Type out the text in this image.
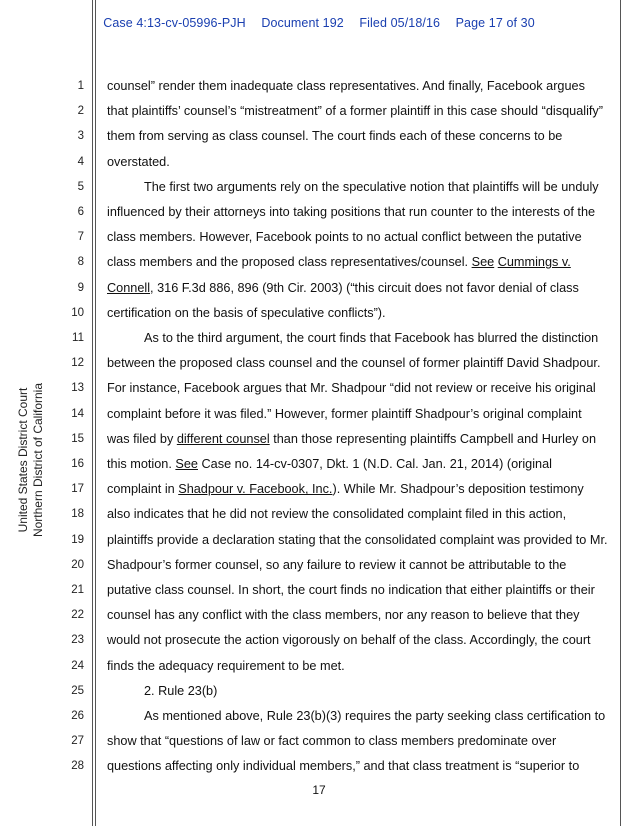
Case 4:13-cv-05996-PJH Document 192 Filed 05/18/16 Page 17 of 30
United States District Court Northern District of California
1
2
3
4
5
6
7
8
9
10
11
12
13
14
15
16
17
18
19
20
21
22
23
24
25
26
27
28
counsel” render them inadequate class representatives. And finally, Facebook argues
that plaintiffs’ counsel’s “mistreatment” of a former plaintiff in this case should “disqualify”
them from serving as class counsel. The court finds each of these concerns to be
overstated.
The first two arguments rely on the speculative notion that plaintiffs will be unduly
influenced by their attorneys into taking positions that run counter to the interests of the
class members. However, Facebook points to no actual conflict between the putative
class members and the proposed class representatives/counsel. See Cummings v.
Connell, 316 F.3d 886, 896 (9th Cir. 2003) (“this circuit does not favor denial of class
certification on the basis of speculative conflicts”).
As to the third argument, the court finds that Facebook has blurred the distinction
between the proposed class counsel and the counsel of former plaintiff David Shadpour.
For instance, Facebook argues that Mr. Shadpour “did not review or receive his original
complaint before it was filed.” However, former plaintiff Shadpour’s original complaint
was filed by different counsel than those representing plaintiffs Campbell and Hurley on
this motion. See Case no. 14-cv-0307, Dkt. 1 (N.D. Cal. Jan. 21, 2014) (original
complaint in Shadpour v. Facebook, Inc.). While Mr. Shadpour’s deposition testimony
also indicates that he did not review the consolidated complaint filed in this action,
plaintiffs provide a declaration stating that the consolidated complaint was provided to Mr.
Shadpour’s former counsel, so any failure to review it cannot be attributable to the
putative class counsel. In short, the court finds no indication that either plaintiffs or their
counsel has any conflict with the class members, nor any reason to believe that they
would not prosecute the action vigorously on behalf of the class. Accordingly, the court
finds the adequacy requirement to be met.
2. Rule 23(b)
As mentioned above, Rule 23(b)(3) requires the party seeking class certification to
show that “questions of law or fact common to class members predominate over
questions affecting only individual members,” and that class treatment is “superior to
17
